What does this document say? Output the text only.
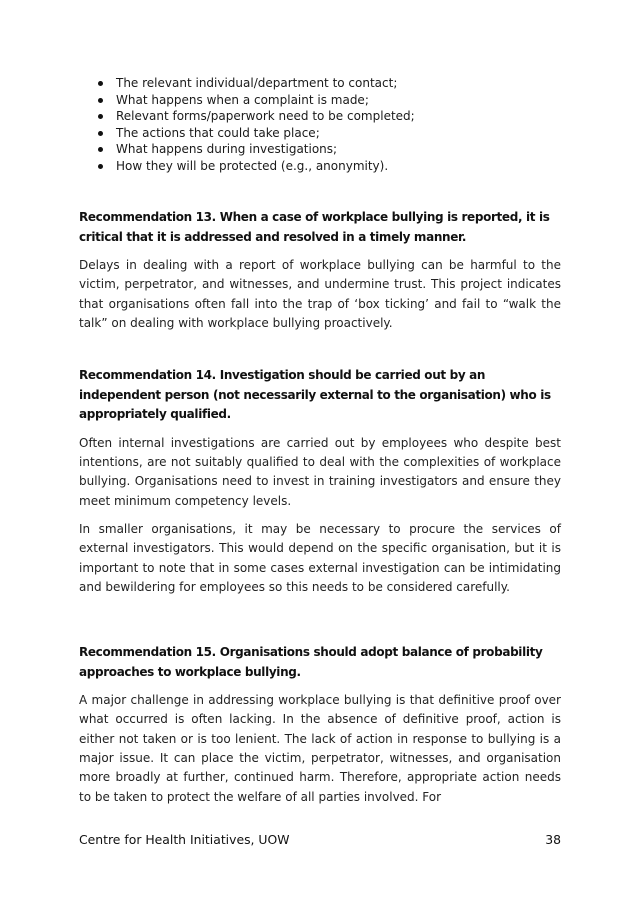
The relevant individual/department to contact;
What happens when a complaint is made;
Relevant forms/paperwork need to be completed;
The actions that could take place;
What happens during investigations;
How they will be protected (e.g., anonymity).

Recommendation 13. When a case of workplace bullying is reported, it is critical that it is addressed and resolved in a timely manner.

Delays in dealing with a report of workplace bullying can be harmful to the victim, perpetrator, and witnesses, and undermine trust. This project indicates that organisations often fall into the trap of ‘box ticking’ and fail to “walk the talk” on dealing with workplace bullying proactively.

Recommendation 14. Investigation should be carried out by an independent person (not necessarily external to the organisation) who is appropriately qualified.

Often internal investigations are carried out by employees who despite best intentions, are not suitably qualified to deal with the complexities of workplace bullying. Organisations need to invest in training investigators and ensure they meet minimum competency levels.

In smaller organisations, it may be necessary to procure the services of external investigators. This would depend on the specific organisation, but it is important to note that in some cases external investigation can be intimidating and bewildering for employees so this needs to be considered carefully.

Recommendation 15. Organisations should adopt balance of probability approaches to workplace bullying.

A major challenge in addressing workplace bullying is that definitive proof over what occurred is often lacking. In the absence of definitive proof, action is either not taken or is too lenient. The lack of action in response to bullying is a major issue. It can place the victim, perpetrator, witnesses, and organisation more broadly at further, continued harm. Therefore, appropriate action needs to be taken to protect the welfare of all parties involved. For

Centre for Health Initiatives, UOW	38
